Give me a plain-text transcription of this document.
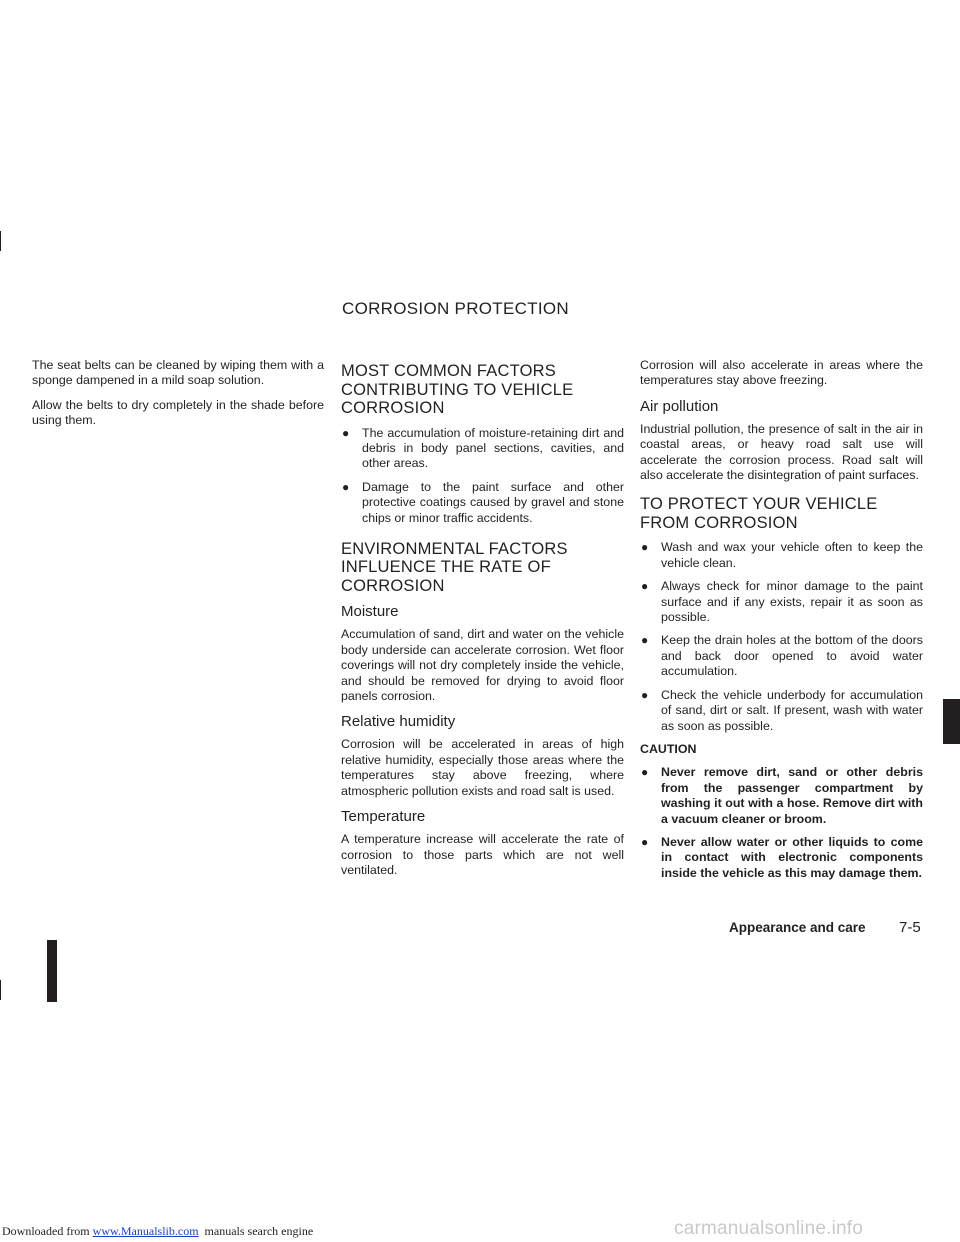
CORROSION PROTECTION

The seat belts can be cleaned by wiping them with a sponge dampened in a mild soap solution.

Allow the belts to dry completely in the shade before using them.

MOST COMMON FACTORS CONTRIBUTING TO VEHICLE CORROSION
● The accumulation of moisture-retaining dirt and debris in body panel sections, cavities, and other areas.
● Damage to the paint surface and other protective coatings caused by gravel and stone chips or minor traffic accidents.
ENVIRONMENTAL FACTORS INFLUENCE THE RATE OF CORROSION
Moisture

Accumulation of sand, dirt and water on the vehicle body underside can accelerate corrosion. Wet floor coverings will not dry completely inside the vehicle, and should be removed for drying to avoid floor panels corrosion.

Relative humidity

Corrosion will be accelerated in areas of high relative humidity, especially those areas where the temperatures stay above freezing, where atmospheric pollution exists and road salt is used.

Temperature

A temperature increase will accelerate the rate of corrosion to those parts which are not well ventilated.

Corrosion will also accelerate in areas where the temperatures stay above freezing.

Air pollution

Industrial pollution, the presence of salt in the air in coastal areas, or heavy road salt use will accelerate the corrosion process. Road salt will also accelerate the disintegration of paint surfaces.

TO PROTECT YOUR VEHICLE FROM CORROSION
● Wash and wax your vehicle often to keep the vehicle clean.
● Always check for minor damage to the paint surface and if any exists, repair it as soon as possible.
● Keep the drain holes at the bottom of the doors and back door opened to avoid water accumulation.
● Check the vehicle underbody for accumulation of sand, dirt or salt. If present, wash with water as soon as possible.
CAUTION
● Never remove dirt, sand or other debris from the passenger compartment by washing it out with a hose. Remove dirt with a vacuum cleaner or broom.
● Never allow water or other liquids to come in contact with electronic components inside the vehicle as this may damage them.
Appearance and care 7-5
Downloaded from www.Manualslib.com  manuals search engine	carmanualsonline.info
